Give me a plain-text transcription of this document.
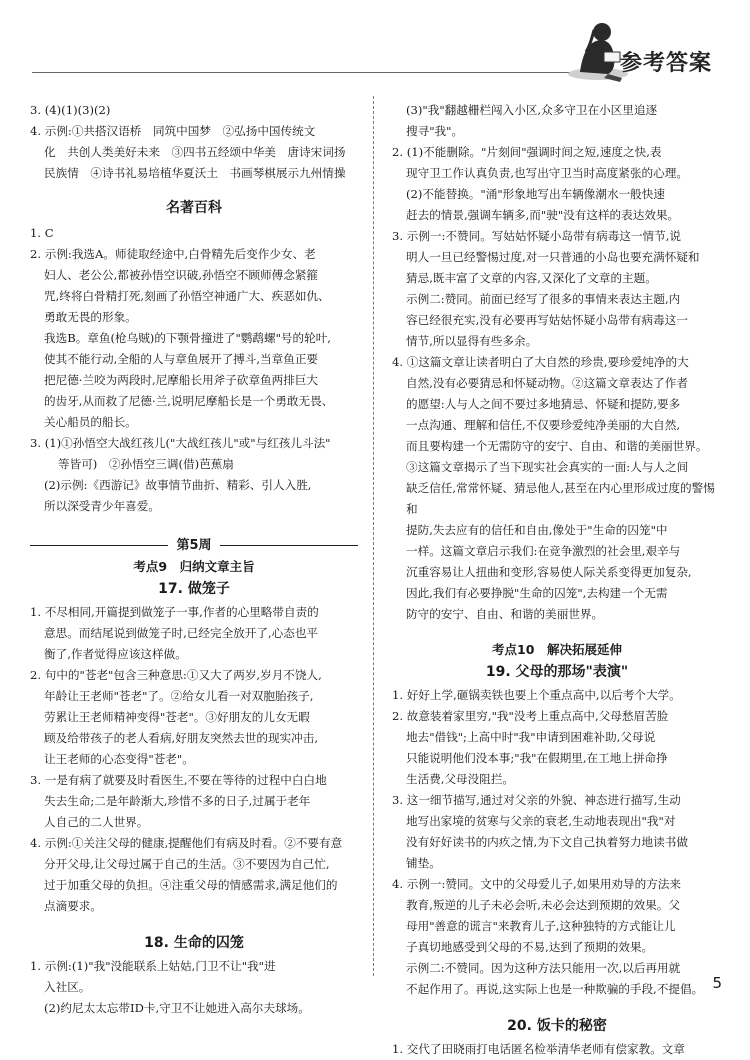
参考答案

3. (4)(1)(3)(2)

4. 示例:①共搭汉语桥　同筑中国梦　②弘扬中国传统文

化　共创人类美好未来　③四书五经颂中华美　唐诗宋词扬

民族情　④诗书礼易培植华夏沃土　书画琴棋展示九州情操

名著百科

1. C

2. 示例:我选A。师徒取经途中,白骨精先后变作少女、老

妇人、老公公,都被孙悟空识破,孙悟空不顾师傅念紧箍

咒,终将白骨精打死,刻画了孙悟空神通广大、疾恶如仇、

勇敢无畏的形象。

我选B。章鱼(枪乌贼)的下颚骨撞进了"鹦鹉螺"号的轮叶,

使其不能行动,全船的人与章鱼展开了搏斗,当章鱼正要

把尼德·兰咬为两段时,尼摩船长用斧子砍章鱼两排巨大

的齿牙,从而救了尼德·兰,说明尼摩船长是一个勇敢无畏、

关心船员的船长。

3. (1)①孙悟空大战红孩儿("大战红孩儿"或"与红孩儿斗法"

等皆可)　②孙悟空三调(借)芭蕉扇

(2)示例:《西游记》故事情节曲折、精彩、引人入胜,

所以深受青少年喜爱。

第5周
考点9　归纳文章主旨
17. 做笼子

1. 不尽相同,开篇提到做笼子一事,作者的心里略带自责的

意思。而结尾说到做笼子时,已经完全放开了,心态也平

衡了,作者觉得应该这样做。

2. 句中的"苍老"包含三种意思:①又大了两岁,岁月不饶人,

年龄让王老师"苍老"了。②给女儿看一对双胞胎孩子,

劳累让王老师精神变得"苍老"。③好朋友的儿女无暇

顾及给带孩子的老人看病,好朋友突然去世的现实冲击,

让王老师的心态变得"苍老"。

3. 一是有病了就要及时看医生,不要在等待的过程中白白地

失去生命;二是年龄渐大,珍惜不多的日子,过属于老年

人自己的二人世界。

4. 示例:①关注父母的健康,提醒他们有病及时看。②不要有意

分开父母,让父母过属于自己的生活。③不要因为自己忙,

过于加重父母的负担。④注重父母的情感需求,满足他们的

点滴要求。

18. 生命的囚笼

1. 示例:(1)"我"没能联系上姑姑,门卫不让"我"进

入社区。

(2)约尼太太忘带ID卡,守卫不让她进入高尔夫球场。

(3)"我"翻越栅栏闯入小区,众多守卫在小区里追逐

搜寻"我"。

2. (1)不能删除。"片刻间"强调时间之短,速度之快,表

现守卫工作认真负责,也写出守卫当时高度紧张的心理。

(2)不能替换。"涌"形象地写出车辆像潮水一般快速

赶去的情景,强调车辆多,而"驶"没有这样的表达效果。

3. 示例一:不赞同。写姑姑怀疑小岛带有病毒这一情节,说

明人一旦已经警惕过度,对一只普通的小岛也要充满怀疑和

猜忌,既丰富了文章的内容,又深化了文章的主题。

示例二:赞同。前面已经写了很多的事情来表达主题,内

容已经很充实,没有必要再写姑姑怀疑小岛带有病毒这一

情节,所以显得有些多余。

4. ①这篇文章让读者明白了大自然的珍贵,要珍爱纯净的大

自然,没有必要猜忌和怀疑动物。②这篇文章表达了作者

的愿望:人与人之间不要过多地猜忌、怀疑和提防,要多

一点沟通、理解和信任,不仅要珍爱纯净美丽的大自然,

而且要构建一个无需防守的安宁、自由、和谐的美丽世界。

③这篇文章揭示了当下现实社会真实的一面:人与人之间

缺乏信任,常常怀疑、猜忌他人,甚至在内心里形成过度的警惕和

提防,失去应有的信任和自由,像处于"生命的囚笼"中

一样。这篇文章启示我们:在竞争激烈的社会里,艰辛与

沉重容易让人扭曲和变形,容易使人际关系变得更加复杂,

因此,我们有必要挣脱"生命的囚笼",去构建一个无需

防守的安宁、自由、和谐的美丽世界。

考点10　解决拓展延伸
19. 父母的那场"表演"

1. 好好上学,砸锅卖铁也要上个重点高中,以后考个大学。

2. 故意装着家里穷,"我"没考上重点高中,父母愁眉苦脸

地去"借钱";上高中时"我"申请到困难补助,父母说

只能说明他们没本事;"我"在假期里,在工地上拼命挣

生活费,父母没阻拦。

3. 这一细节描写,通过对父亲的外貌、神态进行描写,生动

地写出家境的贫寒与父亲的衰老,生动地表现出"我"对

没有好好读书的内疚之情,为下文自己执着努力地读书做

铺垫。

4. 示例一:赞同。文中的父母爱儿子,如果用劝导的方法来

教育,叛逆的儿子未必会听,未必会达到预期的效果。父

母用"善意的谎言"来教育儿子,这种独特的方式能让儿

子真切地感受到父母的不易,达到了预期的效果。

示例二:不赞同。因为这种方法只能用一次,以后再用就

不起作用了。再说,这实际上也是一种欺骗的手段,不提倡。

20. 饭卡的秘密

1. 交代了田晓雨打电话匿名检举清华老师有偿家教。文章

5
